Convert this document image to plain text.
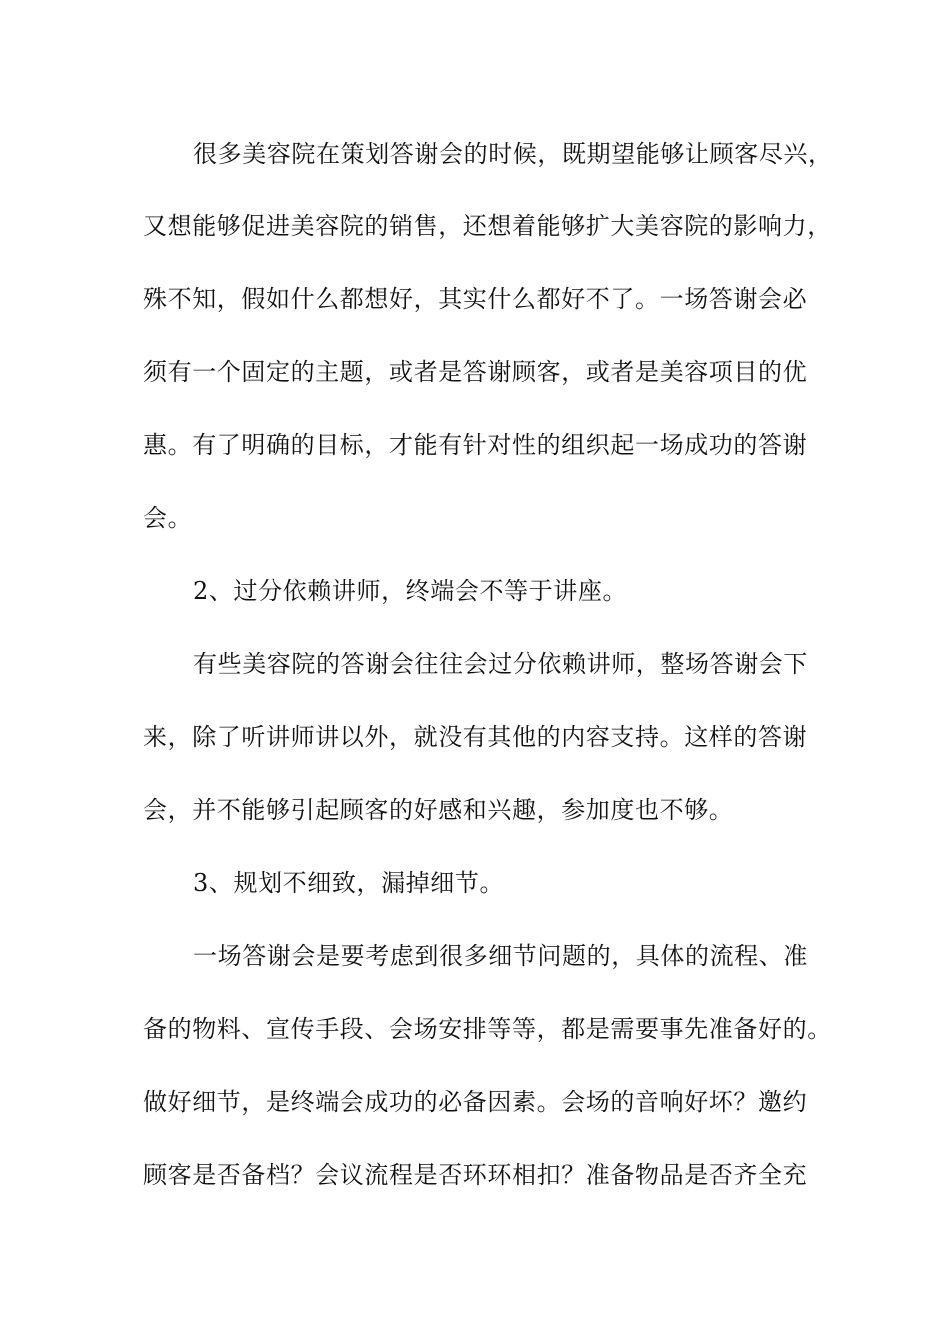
很多美容院在策划答谢会的时候，既期望能够让顾客尽兴，

又想能够促进美容院的销售，还想着能够扩大美容院的影响力，

殊不知，假如什么都想好，其实什么都好不了。一场答谢会必

须有一个固定的主题，或者是答谢顾客，或者是美容项目的优

惠。有了明确的目标，才能有针对性的组织起一场成功的答谢

会。

2、过分依赖讲师，终端会不等于讲座。

有些美容院的答谢会往往会过分依赖讲师，整场答谢会下

来，除了听讲师讲以外，就没有其他的内容支持。这样的答谢

会，并不能够引起顾客的好感和兴趣，参加度也不够。

3、规划不细致，漏掉细节。

一场答谢会是要考虑到很多细节问题的，具体的流程、准

备的物料、宣传手段、会场安排等等，都是需要事先准备好的。

做好细节，是终端会成功的必备因素。会场的音响好坏？邀约

顾客是否备档？会议流程是否环环相扣？准备物品是否齐全充
